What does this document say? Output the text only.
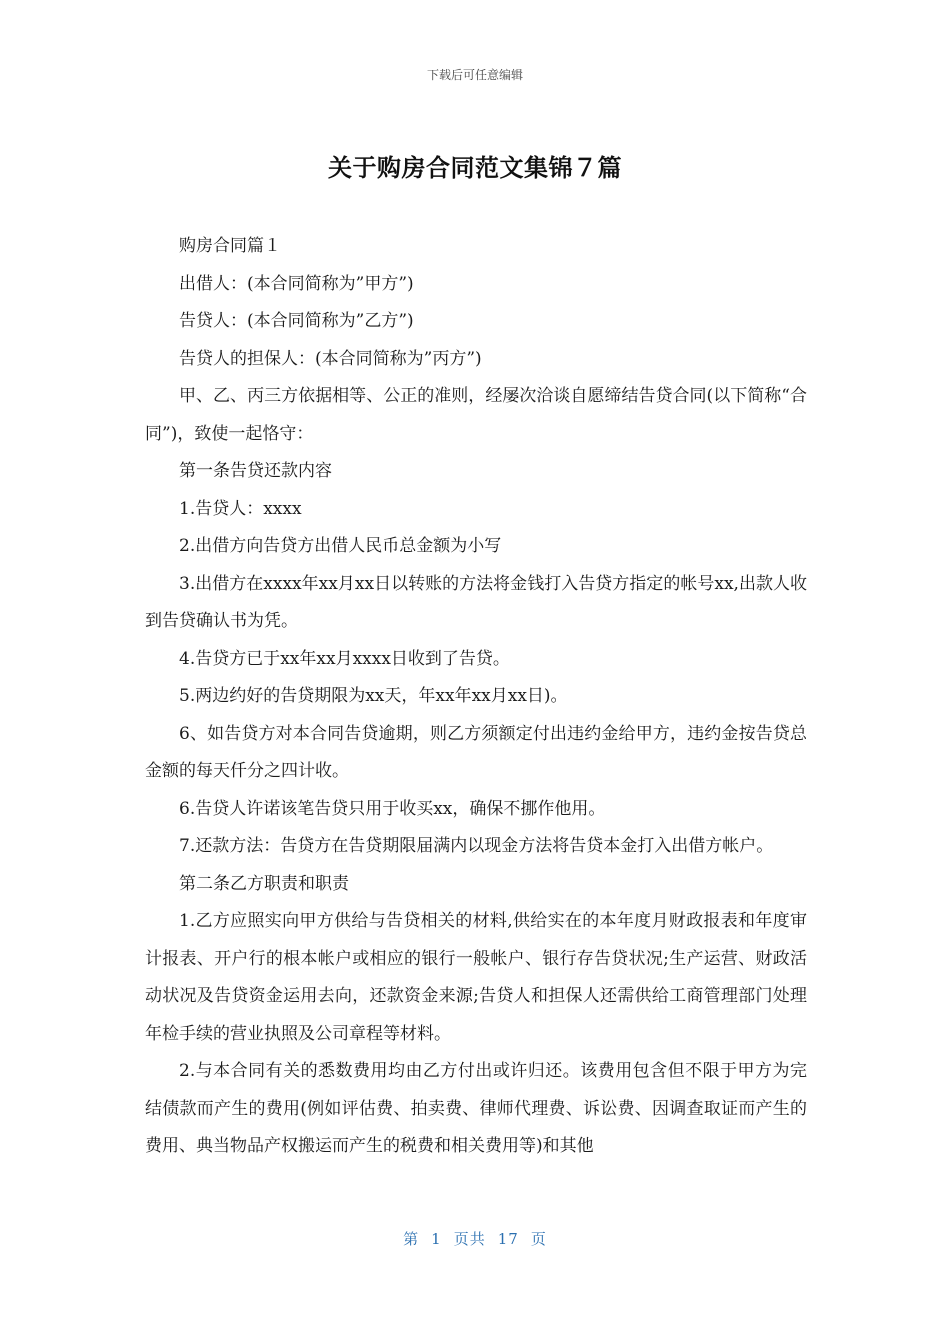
下载后可任意编辑
关于购房合同范文集锦７篇

购房合同篇１

出借人：(本合同简称为”甲方”)

告贷人：(本合同简称为”乙方”)

告贷人的担保人：(本合同简称为”丙方”)

甲、乙、丙三方依据相等、公正的准则，经屡次洽谈自愿缔结告贷合同(以下简称“合同”)，致使一起恪守：

第一条告贷还款内容

1.告贷人：xxxx

2.出借方向告贷方出借人民币总金额为小写

3.出借方在xxxx年xx月xx日以转账的方法将金钱打入告贷方指定的帐号xx,出款人收到告贷确认书为凭。

4.告贷方已于xx年xx月xxxx日收到了告贷。

5.两边约好的告贷期限为xx天，年xx年xx月xx日)。

6、如告贷方对本合同告贷逾期，则乙方须额定付出违约金给甲方，违约金按告贷总金额的每天仟分之四计收。

6.告贷人许诺该笔告贷只用于收买xx，确保不挪作他用。

7.还款方法：告贷方在告贷期限届满内以现金方法将告贷本金打入出借方帐户。

第二条乙方职责和职责

1.乙方应照实向甲方供给与告贷相关的材料,供给实在的本年度月财政报表和年度审计报表、开户行的根本帐户或相应的银行一般帐户、银行存告贷状况;生产运营、财政活动状况及告贷资金运用去向，还款资金来源;告贷人和担保人还需供给工商管理部门处理年检手续的营业执照及公司章程等材料。

2.与本合同有关的悉数费用均由乙方付出或许归还。该费用包含但不限于甲方为完结债款而产生的费用(例如评估费、拍卖费、律师代理费、诉讼费、因调查取证而产生的费用、典当物品产权搬运而产生的税费和相关费用等)和其他

第 1 页共 17 页
